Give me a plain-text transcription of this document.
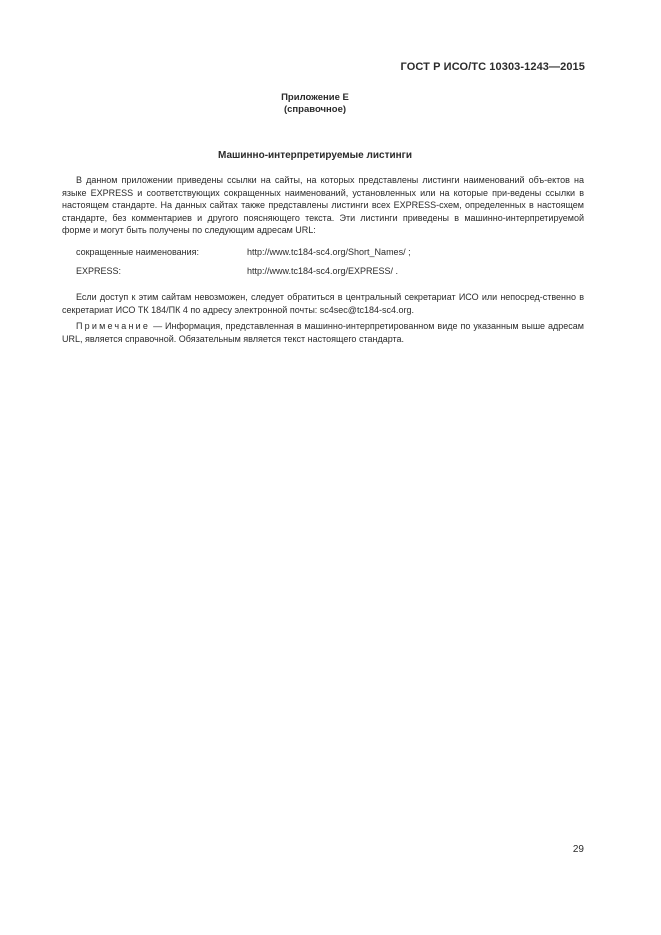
ГОСТ Р ИСО/ТС 10303-1243—2015
Приложение Е
(справочное)
Машинно-интерпретируемые листинги
В данном приложении приведены ссылки на сайты, на которых представлены листинги наименований объ-ектов на языке EXPRESS и соответствующих сокращенных наименований, установленных или на которые при-ведены ссылки в настоящем стандарте. На данных сайтах также представлены листинги всех EXPRESS-схем, определенных в настоящем стандарте, без комментариев и другого поясняющего текста. Эти листинги приведены в машинно-интерпретируемой форме и могут быть получены по следующим адресам URL:
сокращенные наименования:	http://www.tc184-sc4.org/Short_Names/ ;
EXPRESS:	http://www.tc184-sc4.org/EXPRESS/ .
Если доступ к этим сайтам невозможен, следует обратиться в центральный секретариат ИСО или непосред-ственно в секретариат ИСО ТК 184/ПК 4 по адресу электронной почты: sc4sec@tc184-sc4.org.
Примечание — Информация, представленная в машинно-интерпретированном виде по указанным выше адресам URL, является справочной. Обязательным является текст настоящего стандарта.
29
